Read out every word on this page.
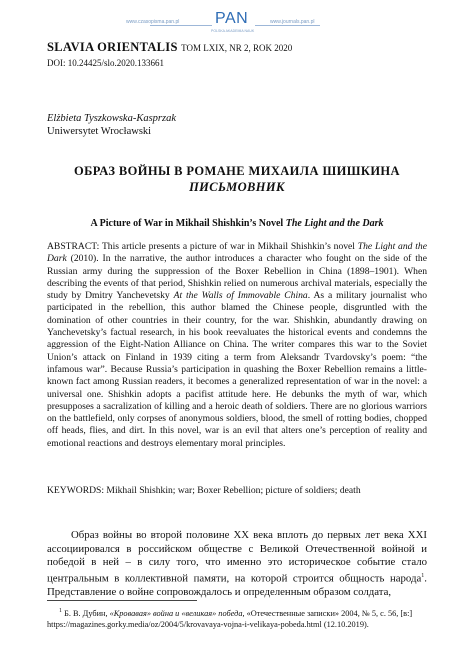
www.czasopisma.pan.pl PAN
POLSKA AKADEMIA NAUK
www.journals.pan.pl
SLAVIA ORIENTALIS TOM LXIX, NR 2, ROK 2020
DOI: 10.24425/slo.2020.133661
Elżbieta Tyszkowska-Kasprzak
Uniwersytet Wrocławski
ОБРАЗ ВОЙНЫ В РОМАНЕ МИХАИЛА ШИШКИНА
ПИСЬМОВНИК
A Picture of War in Mikhail Shishkin’s Novel The Light and the Dark
ABSTRACT: This article presents a picture of war in Mikhail Shishkin’s novel The Light and the Dark (2010). In the narrative, the author introduces a character who fought on the side of the Russian army during the suppression of the Boxer Rebellion in China (1898–1901). When describing the events of that period, Shishkin relied on numerous archival materials, especially the study by Dmitry Yanchevetsky At the Walls of Immovable China. As a military journalist who participated in the rebellion, this author blamed the Chinese people, disgruntled with the domination of other countries in their country, for the war. Shishkin, abundantly drawing on Yanchevetsky’s factual research, in his book reevaluates the historical events and condemns the aggression of the Eight-Nation Alliance on China. The writer compares this war to the Soviet Union’s attack on Finland in 1939 citing a term from Aleksandr Tvardovsky’s poem: “the infamous war”. Because Russia’s participation in quashing the Boxer Rebellion remains a little-known fact among Russian readers, it becomes a generalized representation of war in the novel: a universal one. Shishkin adopts a pacifist attitude here. He debunks the myth of war, which presupposes a sacralization of killing and a heroic death of soldiers. There are no glorious warriors on the battlefield, only corpses of anonymous soldiers, blood, the smell of rotting bodies, chopped off heads, flies, and dirt. In this novel, war is an evil that alters one’s perception of reality and emotional reactions and destroys elementary moral principles.
KEYWORDS: Mikhail Shishkin; war; Boxer Rebellion; picture of soldiers; death
Образ войны во второй половине XX века вплоть до первых лет века XXI ассоциировался в российском обществе с Великой Отечественной войной и победой в ней – в силу того, что именно это историческое событие стало центральным в коллективной памяти, на которой строится общность народа$^1$. Представление о войне сопровождалось и определенным образом солдата,
$^1$ Б. В. Дубин, «Кровавая» война и «великая» победа, «Отечественные записки» 2004, № 5, с. 56, [в:] https://magazines.gorky.media/oz/2004/5/krovavaya-vojna-i-velikaya-pobeda.html (12.10.2019).
